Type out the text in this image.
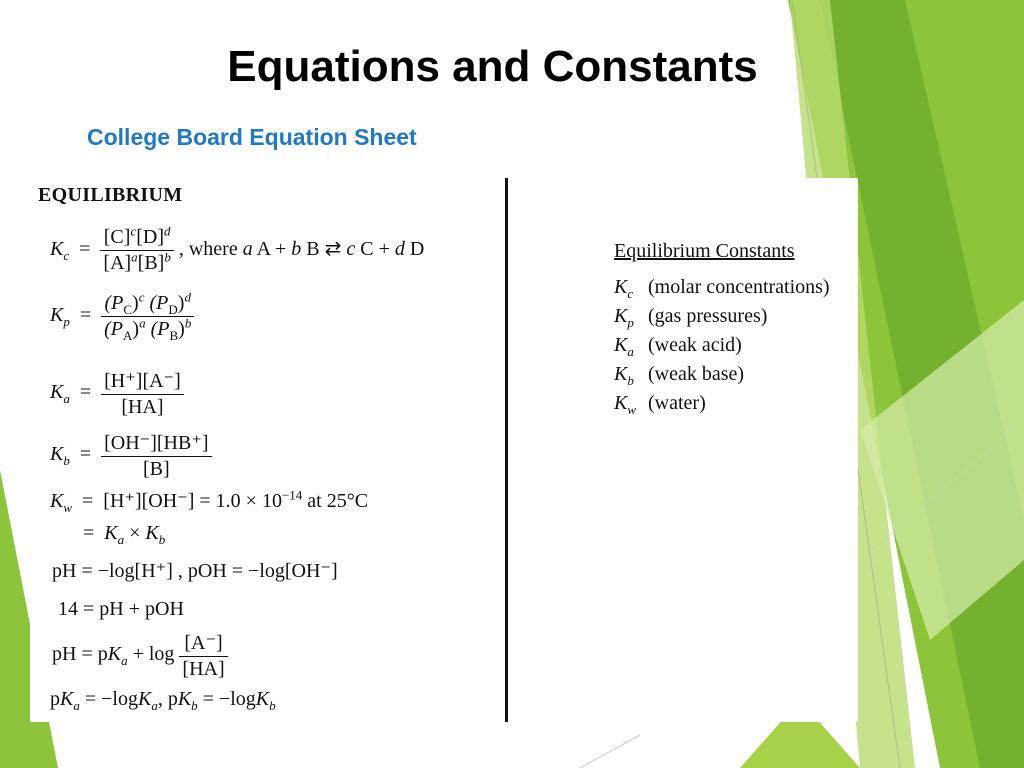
Equations and Constants
College Board Equation Sheet
EQUILIBRIUM
$K_c = \frac{[C]^c[D]^d}{[A]^a[B]^b}$ , where a A + b B ⇄ c C + d D
$K_p = \frac{(P_C)^c (P_D)^d}{(P_A)^a (P_B)^b}$
$K_a = \frac{[H^+][A^-]}{[HA]}$
$K_b = \frac{[OH^-][HB^+]}{[B]}$
$K_w = [H^+][OH^-] = 1.0 \times 10^{-14}$ at 25°C
= $K_a \times K_b$
pH = −log[H⁺] , pOH = −log[OH⁻]
14 = pH + pOH
pH = $pK_a + \log \frac{[A^-]}{[HA]}$
$pK_a = -\log K_a$, $pK_b = -\log K_b$
Equilibrium Constants
$K_c$ (molar concentrations)
$K_p$ (gas pressures)
$K_a$ (weak acid)
$K_b$ (weak base)
$K_w$ (water)
